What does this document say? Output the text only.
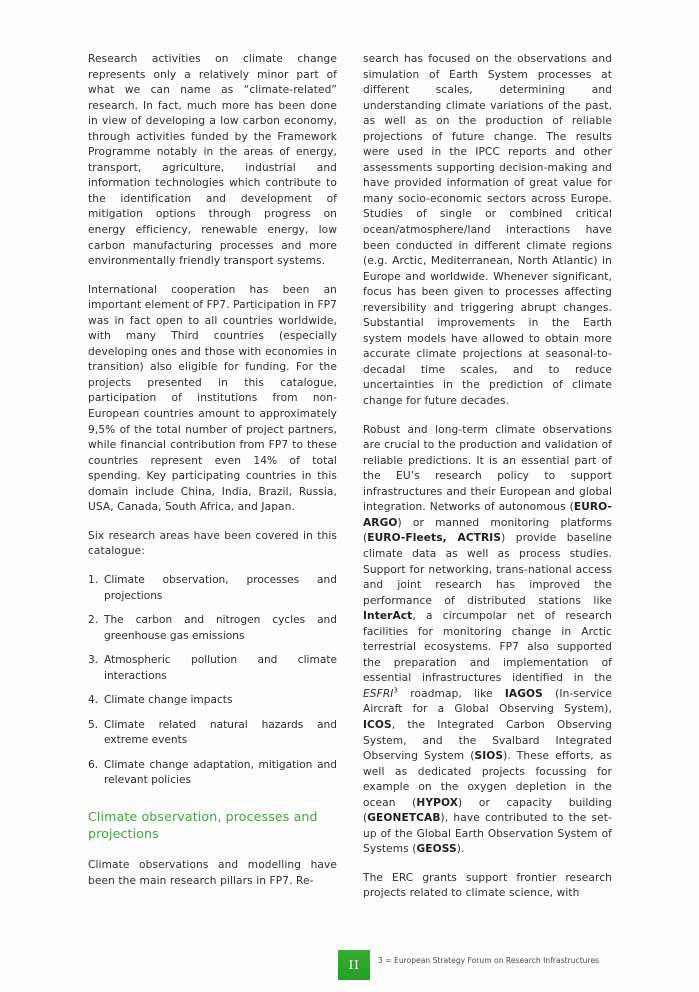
Research activities on climate change represents only a relatively minor part of what we can name as “climate-related” research. In fact, much more has been done in view of developing a low carbon economy, through activities funded by the Framework Programme notably in the areas of energy, transport, agriculture, industrial and information technologies which contribute to the identification and development of mitigation options through progress on energy efficiency, renewable energy, low carbon manufacturing processes and more environmentally friendly transport systems.

International cooperation has been an important element of FP7. Participation in FP7 was in fact open to all countries worldwide, with many Third countries (especially developing ones and those with economies in transition) also eligible for funding. For the projects presented in this catalogue, participation of institutions from non-European countries amount to approximately 9,5% of the total number of project partners, while financial contribution from FP7 to these countries represent even 14% of total spending. Key participating countries in this domain include China, India, Brazil, Russia, USA, Canada, South Africa, and Japan.

Six research areas have been covered in this catalogue:

1. Climate observation, processes and projections
2. The carbon and nitrogen cycles and greenhouse gas emissions
3. Atmospheric pollution and climate interactions
4. Climate change impacts
5. Climate related natural hazards and extreme events
6. Climate change adaptation, mitigation and relevant policies
Climate observation, processes and projections

Climate observations and modelling have been the main research pillars in FP7. Re-

search has focused on the observations and simulation of Earth System processes at different scales, determining and understanding climate variations of the past, as well as on the production of reliable projections of future change. The results were used in the IPCC reports and other assessments supporting decision-making and have provided information of great value for many socio-economic sectors across Europe. Studies of single or combined critical ocean/atmosphere/land interactions have been conducted in different climate regions (e.g. Arctic, Mediterranean, North Atlantic) in Europe and worldwide. Whenever significant, focus has been given to processes affecting reversibility and triggering abrupt changes. Substantial improvements in the Earth system models have allowed to obtain more accurate climate projections at seasonal-to-decadal time scales, and to reduce uncertainties in the prediction of climate change for future decades.

Robust and long-term climate observations are crucial to the production and validation of reliable predictions. It is an essential part of the EU’s research policy to support infrastructures and their European and global integration. Networks of autonomous (EURO-ARGO) or manned monitoring platforms (EURO-Fleets, ACTRIS) provide baseline climate data as well as process studies. Support for networking, trans-national access and joint research has improved the performance of distributed stations like InterAct, a circumpolar net of research facilities for monitoring change in Arctic terrestrial ecosystems. FP7 also supported the preparation and implementation of essential infrastructures identified in the ESFRI$^3$ roadmap, like IAGOS (In-service Aircraft for a Global Observing System), ICOS, the Integrated Carbon Observing System, and the Svalbard Integrated Observing System (SIOS). These efforts, as well as dedicated projects focussing for example on the oxygen depletion in the ocean (HYPOX) or capacity building (GEONETCAB), have contributed to the set-up of the Global Earth Observation System of Systems (GEOSS).

The ERC grants support frontier research projects related to climate science, with

II	3 = European Strategy Forum on Research Infrastructures
